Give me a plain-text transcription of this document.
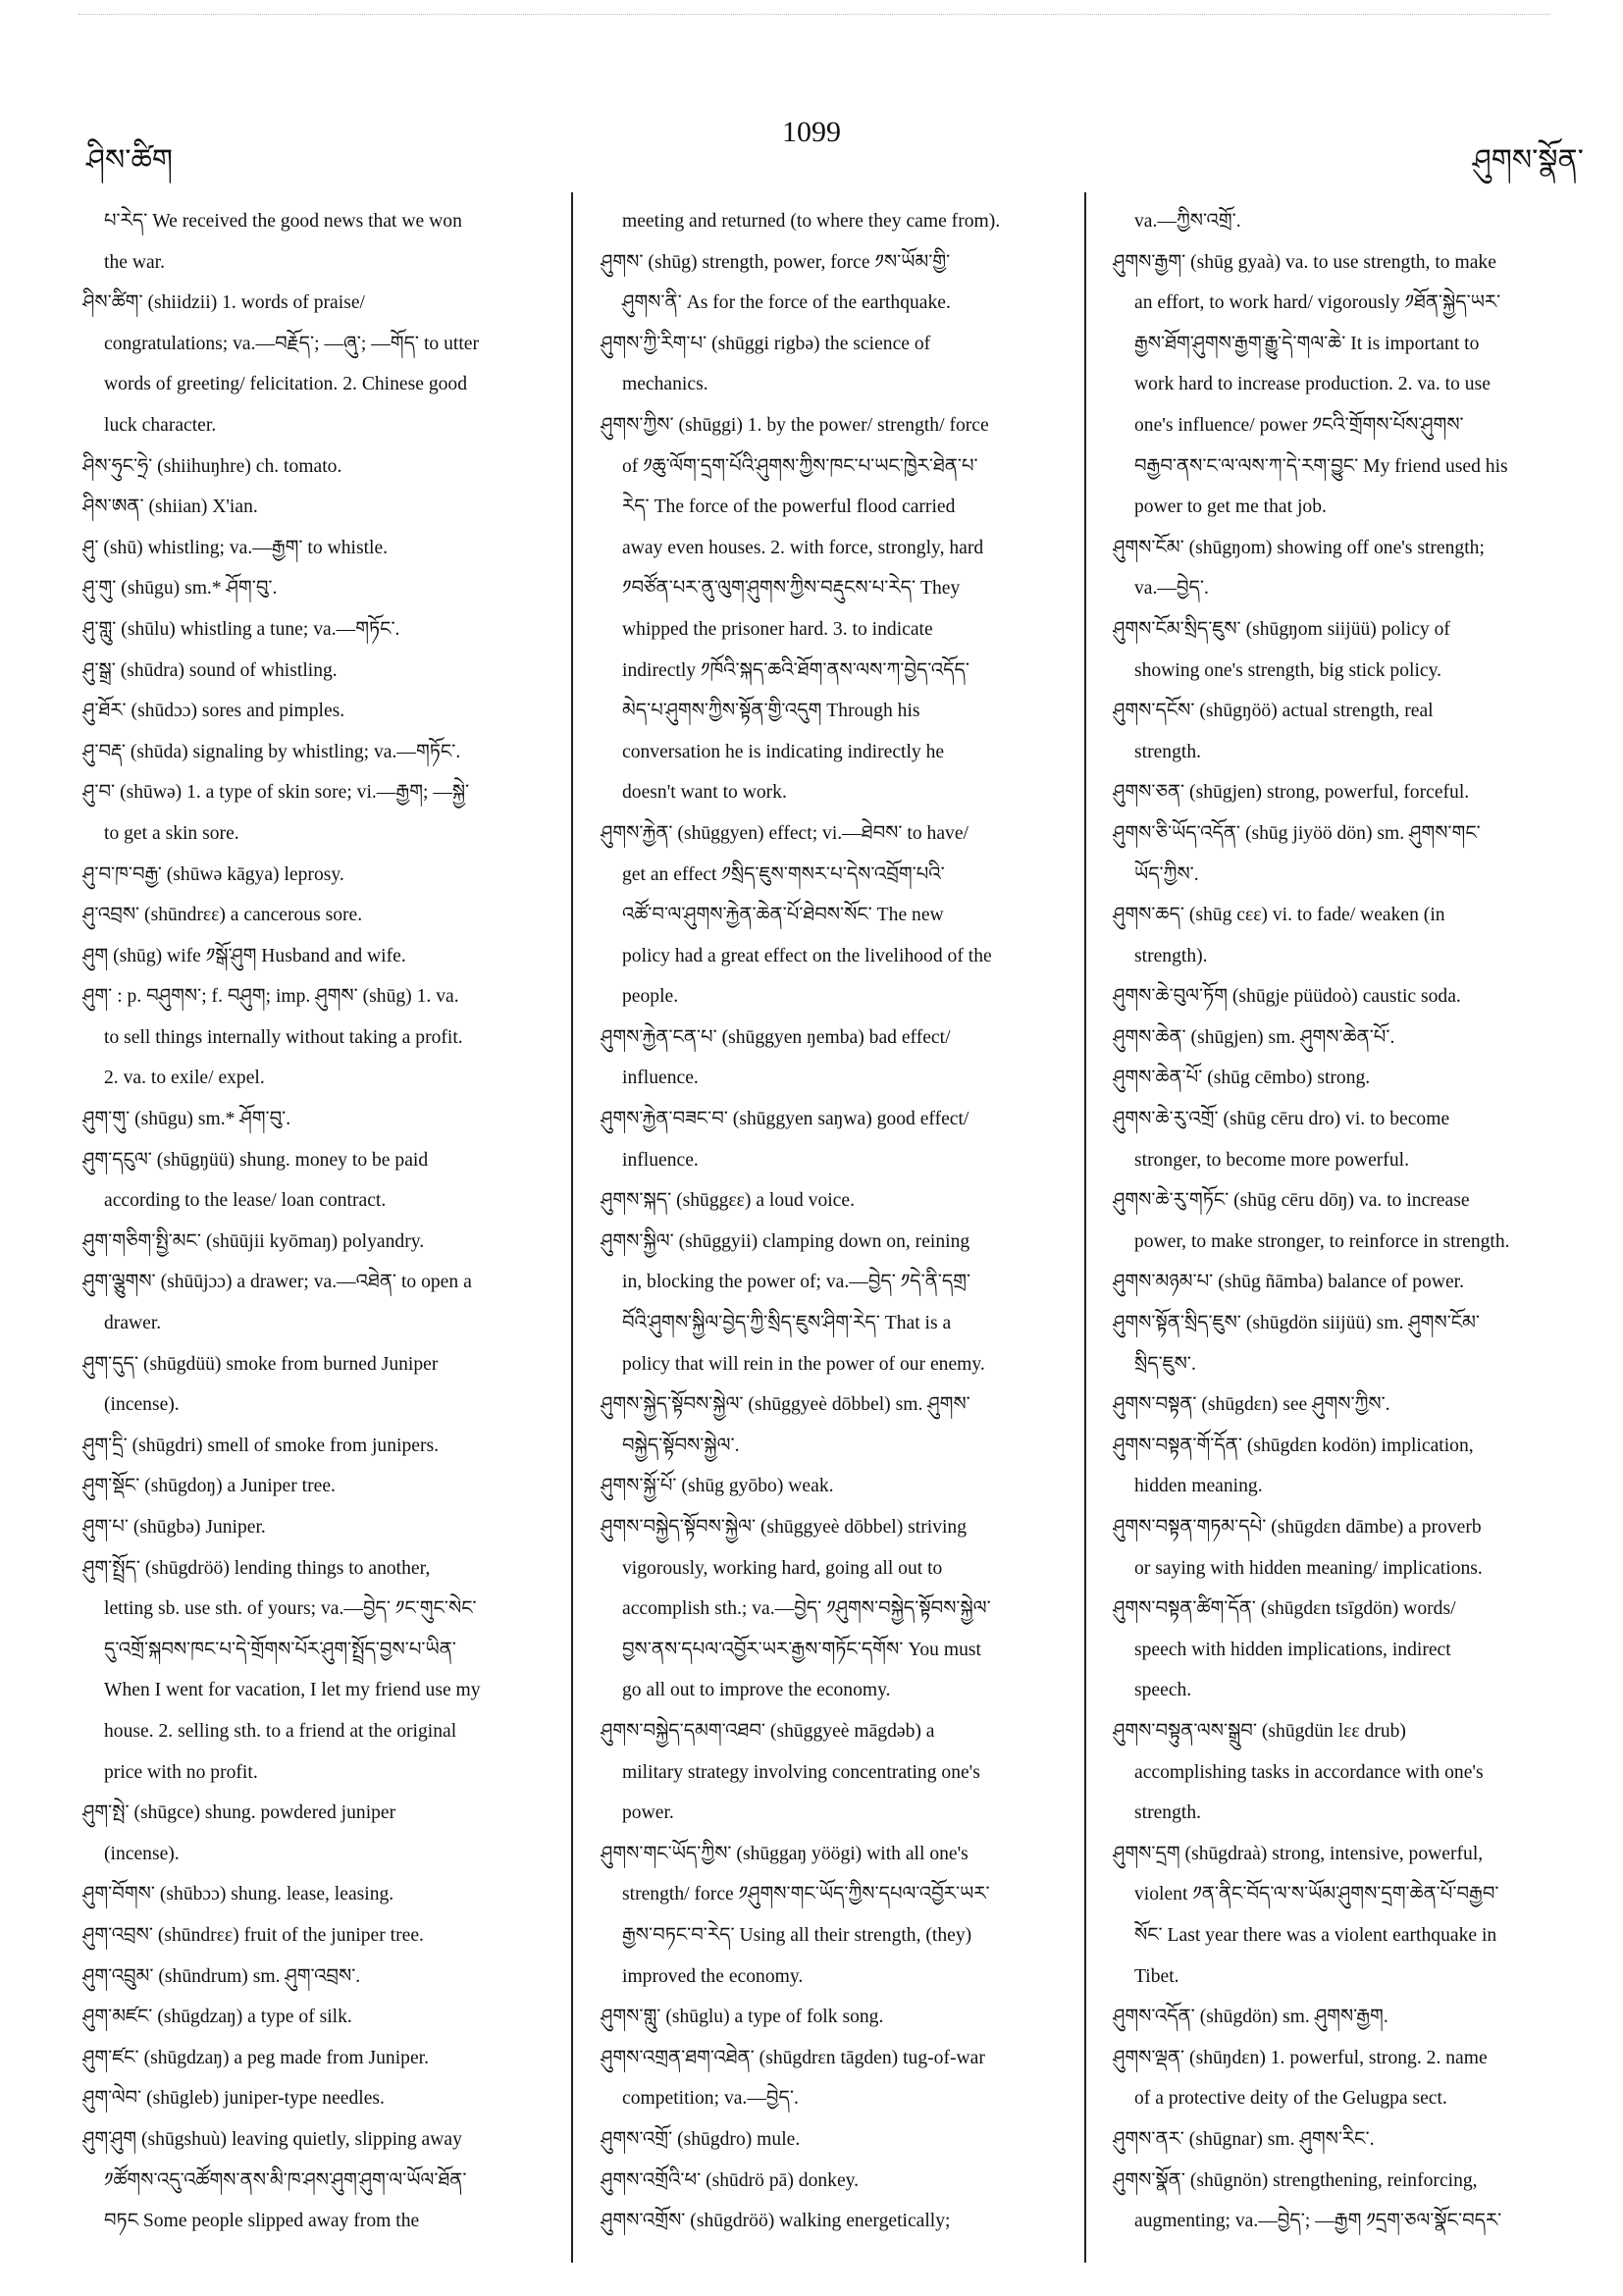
ཤིས་ཚིག
1099
ཤུགས་སྣོན་
པ་རེད་ We received the good news that we won
the war.
ཤིས་ཚིག་ (shiidzii) 1. words of praise/
congratulations; va.—བརྗོད་; —ཞུ་; —གོད་ to utter
words of greeting/ felicitation. 2. Chinese good
luck character.
ཤིས་ཧུང་ཧྲེ་ (shiihuŋhre) ch. tomato.
ཤིས་ཨན་ (shiian) X'ian.
ཤུ་ (shū) whistling; va.—རྒྱག་ to whistle.
ཤུ་གུ་ (shūgu) sm.* ཤོག་བུ་.
ཤུ་གླུ་ (shūlu) whistling a tune; va.—གཏོང་.
ཤུ་སྒྲ་ (shūdra) sound of whistling.
ཤུ་ཐོར་ (shūdɔɔ) sores and pimples.
ཤུ་བརྡ་ (shūda) signaling by whistling; va.—གཏོང་.
ཤུ་བ་ (shūwə) 1. a type of skin sore; vi.—རྒྱག; —སྐྱེ་
to get a skin sore.
ཤུ་བ་ཁ་བརྒྱ་ (shūwə kāgya) leprosy.
ཤུ་འབྲས་ (shūndrεε) a cancerous sore.
ཤུག (shūg) wife ༡སྒོ་ཤུག Husband and wife.
ཤུག་ : p. བཤུགས་; f. བཤུག; imp. ཤུགས་ (shūg) 1. va.
to sell things internally without taking a profit.
2. va. to exile/ expel.
ཤུག་གུ་ (shūgu) sm.* ཤོག་བུ་.
ཤུག་དངུལ་ (shūgŋüü) shung. money to be paid
according to the lease/ loan contract.
ཤུག་གཅིག་སྤྱི་མང་ (shūūjii kyōmaŋ) polyandry.
ཤུག་ལྕུགས་ (shūūjɔɔ) a drawer; va.—འཐེན་ to open a
drawer.
ཤུག་དུད་ (shūgdüü) smoke from burned Juniper
(incense).
ཤུག་དྲི་ (shūgdri) smell of smoke from junipers.
ཤུག་སྡོང་ (shūgdoŋ) a Juniper tree.
ཤུག་པ་ (shūgbə) Juniper.
ཤུག་སྤྲོད་ (shūgdröö) lending things to another,
letting sb. use sth. of yours; va.—བྱེད་ ༡ང་གུང་སེང་
དུ་འགྲོ་སྐབས་ཁང་པ་དེ་གྲོགས་པོར་ཤུག་སྤྲོད་བྱས་པ་ཡིན་
When I went for vacation, I let my friend use my
house. 2. selling sth. to a friend at the original
price with no profit.
ཤུག་སྤེ་ (shūgce) shung. powdered juniper
(incense).
ཤུག་བོགས་ (shūbɔɔ) shung. lease, leasing.
ཤུག་འབྲས་ (shūndrεε) fruit of the juniper tree.
ཤུག་འབྲུམ་ (shūndrum) sm. ཤུག་འབྲས་.
ཤུག་མཛང་ (shūgdzaŋ) a type of silk.
ཤུག་ཛང་ (shūgdzaŋ) a peg made from Juniper.
ཤུག་ལེབ་ (shūgleb) juniper-type needles.
ཤུག་ཤུག (shūgshuù) leaving quietly, slipping away
༡ཚོགས་འདུ་འཚོགས་ནས་མི་ཁ་ཤས་ཤུག་ཤུག་ལ་ཡོལ་ཐོན་
བཏང Some people slipped away from the
meeting and returned (to where they came from).
ཤུགས་ (shūg) strength, power, force ༡ས་ཡོམ་གྱི་
ཤུགས་ནི་ As for the force of the earthquake.
ཤུགས་ཀྱི་རིག་པ་ (shūggi rigbə) the science of
mechanics.
ཤུགས་ཀྱིས་ (shūggi) 1. by the power/ strength/ force
of ༡ཆུ་ལོག་དྲག་པོའི་ཤུགས་ཀྱིས་ཁང་པ་ཡང་ཁྱེར་ཐེན་པ་
རེད་ The force of the powerful flood carried
away even houses. 2. with force, strongly, hard
༡བཙོན་པར་ནུ་ལུག་ཤུགས་ཀྱིས་བརྡུངས་པ་རེད་ They
whipped the prisoner hard. 3. to indicate
indirectly ༡ཁོའི་སྐད་ཆའི་ཐོག་ནས་ལས་ཀ་བྱེད་འདོད་
མེད་པ་ཤུགས་ཀྱིས་སྟོན་གྱི་འདུག Through his
conversation he is indicating indirectly he
doesn't want to work.
ཤུགས་རྐྱེན་ (shūggyen) effect; vi.—ཐེབས་ to have/
get an effect ༡སྲིད་ཇུས་གསར་པ་དེས་འབྲོག་པའི་
འཚོ་བ་ལ་ཤུགས་རྐྱེན་ཆེན་པོ་ཐེབས་སོང་ The new
policy had a great effect on the livelihood of the
people.
ཤུགས་རྐྱེན་ངན་པ་ (shūggyen ŋemba) bad effect/
influence.
ཤུགས་རྐྱེན་བཟང་བ་ (shūggyen saŋwa) good effect/
influence.
ཤུགས་སྐད་ (shūggεε) a loud voice.
ཤུགས་སྐྱིལ་ (shūggyii) clamping down on, reining
in, blocking the power of; va.—བྱེད་ ༡དེ་ནི་དགྲ་
བོའི་ཤུགས་སྐྱིལ་བྱེད་ཀྱི་སྲིད་ཇུས་ཤིག་རེད་ That is a
policy that will rein in the power of our enemy.
ཤུགས་སྐྱེད་སྟོབས་སྐྱེལ་ (shūggyeè dōbbel) sm. ཤུགས་
བསྐྱེད་སྟོབས་སྐྱེལ་.
ཤུགས་སྐྱོ་པོ་ (shūg gyōbo) weak.
ཤུགས་བསྐྱེད་སྟོབས་སྐྱེལ་ (shūggyeè dōbbel) striving
vigorously, working hard, going all out to
accomplish sth.; va.—བྱེད་ ༡ཤུགས་བསྐྱེད་སྟོབས་སྐྱེལ་
བྱས་ནས་དཔལ་འབྱོར་ཡར་རྒྱས་གཏོང་དགོས་ You must
go all out to improve the economy.
ཤུགས་བསྐྱེད་དམག་འཐབ་ (shūggyeè māgdəb) a
military strategy involving concentrating one's
power.
ཤུགས་གང་ཡོད་ཀྱིས་ (shūggaŋ yöögi) with all one's
strength/ force ༡ཤུགས་གང་ཡོད་ཀྱིས་དཔལ་འབྱོར་ཡར་
རྒྱས་བཏང་བ་རེད་ Using all their strength, (they)
improved the economy.
ཤུགས་གླུ་ (shūglu) a type of folk song.
ཤུགས་འགྲན་ཐག་འཐེན་ (shūgdrεn tāgden) tug-of-war
competition; va.—བྱེད་.
ཤུགས་འགྲོ་ (shūgdro) mule.
ཤུགས་འགྲོའི་ཕ་ (shūdrö pā) donkey.
ཤུགས་འགྲོས་ (shūgdröö) walking energetically;
va.—ཀྱིས་འགྲོ་.
ཤུགས་རྒྱག་ (shūg gyaà) va. to use strength, to make
an effort, to work hard/ vigorously ༡ཐོན་སྐྱེད་ཡར་
རྒྱས་ཐོག་ཤུགས་རྒྱག་རྒྱུ་དེ་གལ་ཆེ་ It is important to
work hard to increase production. 2. va. to use
one's influence/ power ༡ངའི་གྲོགས་པོས་ཤུགས་
བརྒྱབ་ནས་ང་ལ་ལས་ཀ་དེ་རག་བྱུང་ My friend used his
power to get me that job.
ཤུགས་ངོམ་ (shūgŋom) showing off one's strength;
va.—བྱེད་.
ཤུགས་ངོམ་སྲིད་ཇུས་ (shūgŋom siijüü) policy of
showing one's strength, big stick policy.
ཤུགས་དངོས་ (shūgŋöö) actual strength, real
strength.
ཤུགས་ཅན་ (shūgjen) strong, powerful, forceful.
ཤུགས་ཅི་ཡོད་འདོན་ (shūg jiyöö dön) sm. ཤུགས་གང་
ཡོད་ཀྱིས་.
ཤུགས་ཆད་ (shūg cεε) vi. to fade/ weaken (in
strength).
ཤུགས་ཆེ་བུལ་ཏོག (shūgje püüdoò) caustic soda.
ཤུགས་ཆེན་ (shūgjen) sm. ཤུགས་ཆེན་པོ་.
ཤུགས་ཆེན་པོ་ (shūg cēmbo) strong.
ཤུགས་ཆེ་རུ་འགྲོ་ (shūg cēru dro) vi. to become
stronger, to become more powerful.
ཤུགས་ཆེ་རུ་གཏོང་ (shūg cēru dōŋ) va. to increase
power, to make stronger, to reinforce in strength.
ཤུགས་མཉམ་པ་ (shūg ñāmba) balance of power.
ཤུགས་སྟོན་སྲིད་ཇུས་ (shūgdön siijüü) sm. ཤུགས་ངོམ་
སྲིད་ཇུས་.
ཤུགས་བསྟན་ (shūgdεn) see ཤུགས་ཀྱིས་.
ཤུགས་བསྟན་གོ་དོན་ (shūgdεn kodön) implication,
hidden meaning.
ཤུགས་བསྟན་གཏམ་དཔེ་ (shūgdεn dāmbe) a proverb
or saying with hidden meaning/ implications.
ཤུགས་བསྟན་ཚིག་དོན་ (shūgdεn tsīgdön) words/
speech with hidden implications, indirect
speech.
ཤུགས་བསྟུན་ལས་སྒྲུབ་ (shūgdün lεε drub)
accomplishing tasks in accordance with one's
strength.
ཤུགས་དྲག (shūgdraà) strong, intensive, powerful,
violent ༡ན་ནིང་བོད་ལ་ས་ཡོམ་ཤུགས་དྲག་ཆེན་པོ་བརྒྱབ་
སོང་ Last year there was a violent earthquake in
Tibet.
ཤུགས་འདོན་ (shūgdön) sm. ཤུགས་རྒྱག.
ཤུགས་ལྡན་ (shūŋdεn) 1. powerful, strong. 2. name
of a protective deity of the Gelugpa sect.
ཤུགས་ནར་ (shūgnar) sm. ཤུགས་རིང་.
ཤུགས་སྣོན་ (shūgnön) strengthening, reinforcing,
augmenting; va.—བྱེད་; —རྒྱག ༡དྲག་ཅལ་སྣོང་བདར་
